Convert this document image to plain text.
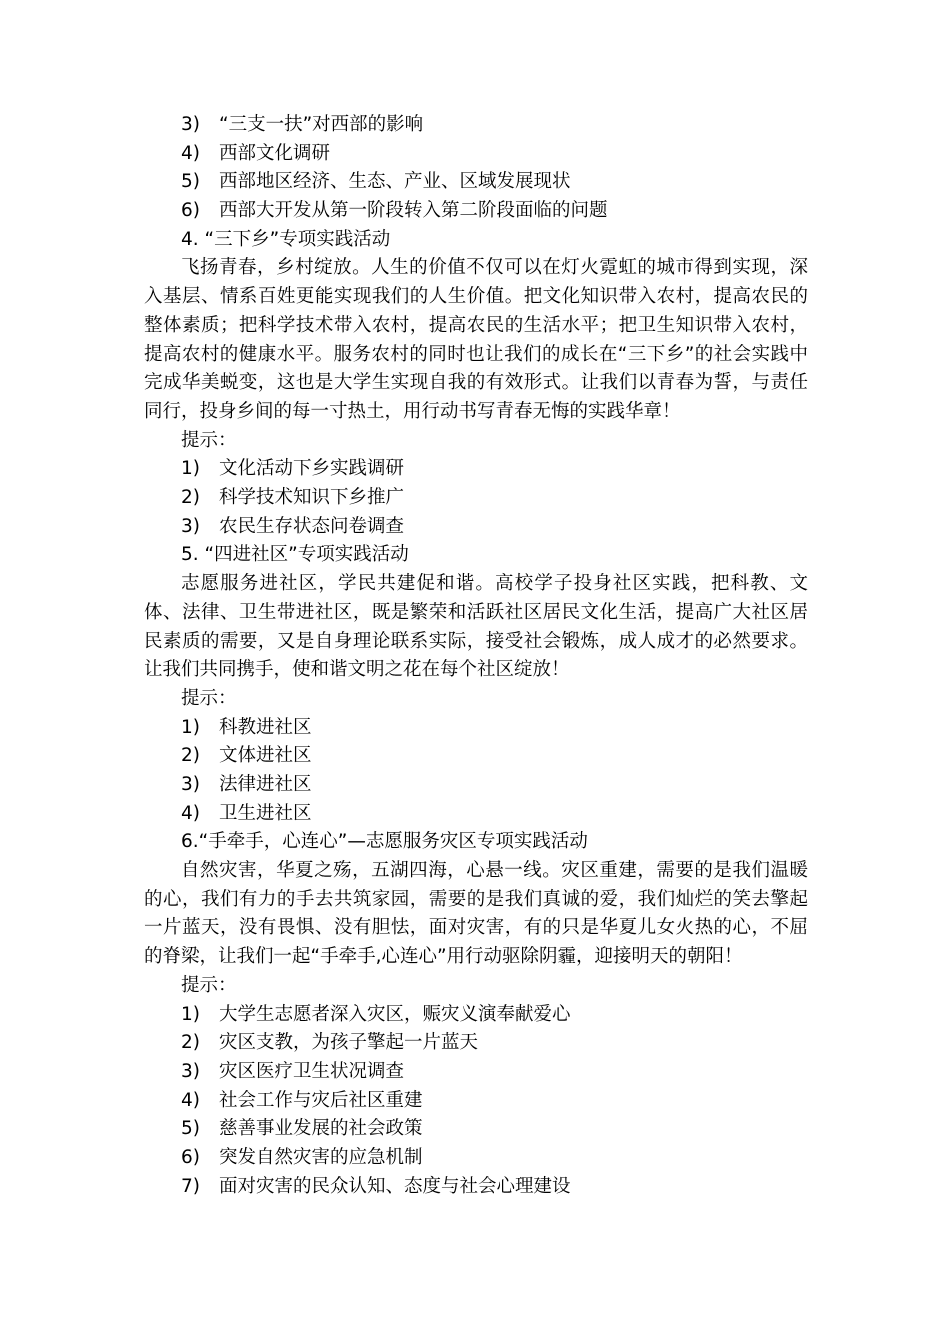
3)	“三支一扶”对西部的影响
4)	西部文化调研
5)	西部地区经济、生态、产业、区域发展现状
6)	西部大开发从第一阶段转入第二阶段面临的问题
4. “三下乡”专项实践活动

飞扬青春，乡村绽放。人生的价值不仅可以在灯火霓虹的城市得到实现，深入基层、情系百姓更能实现我们的人生价值。把文化知识带入农村，提高农民的整体素质；把科学技术带入农村，提高农民的生活水平；把卫生知识带入农村，提高农村的健康水平。服务农村的同时也让我们的成长在“三下乡”的社会实践中完成华美蜕变，这也是大学生实现自我的有效形式。让我们以青春为誓，与责任同行，投身乡间的每一寸热土，用行动书写青春无悔的实践华章！

提示：
1)	文化活动下乡实践调研
2)	科学技术知识下乡推广
3)	农民生存状态问卷调查
5. “四进社区”专项实践活动

志愿服务进社区，学民共建促和谐。高校学子投身社区实践，把科教、文体、法律、卫生带进社区，既是繁荣和活跃社区居民文化生活，提高广大社区居民素质的需要，又是自身理论联系实际，接受社会锻炼，成人成才的必然要求。让我们共同携手，使和谐文明之花在每个社区绽放！

提示：
1)	科教进社区
2)	文体进社区
3)	法律进社区
4)	卫生进社区
6.“手牵手，心连心”—志愿服务灾区专项实践活动

自然灾害，华夏之殇，五湖四海，心悬一线。灾区重建，需要的是我们温暖的心，我们有力的手去共筑家园，需要的是我们真诚的爱，我们灿烂的笑去擎起一片蓝天，没有畏惧、没有胆怯，面对灾害，有的只是华夏儿女火热的心，不屈的脊梁，让我们一起“手牵手,心连心”用行动驱除阴霾，迎接明天的朝阳！

提示：
1)	大学生志愿者深入灾区，赈灾义演奉献爱心
2)	灾区支教，为孩子擎起一片蓝天
3)	灾区医疗卫生状况调查
4)	社会工作与灾后社区重建
5)	慈善事业发展的社会政策
6)	突发自然灾害的应急机制
7)	面对灾害的民众认知、态度与社会心理建设
